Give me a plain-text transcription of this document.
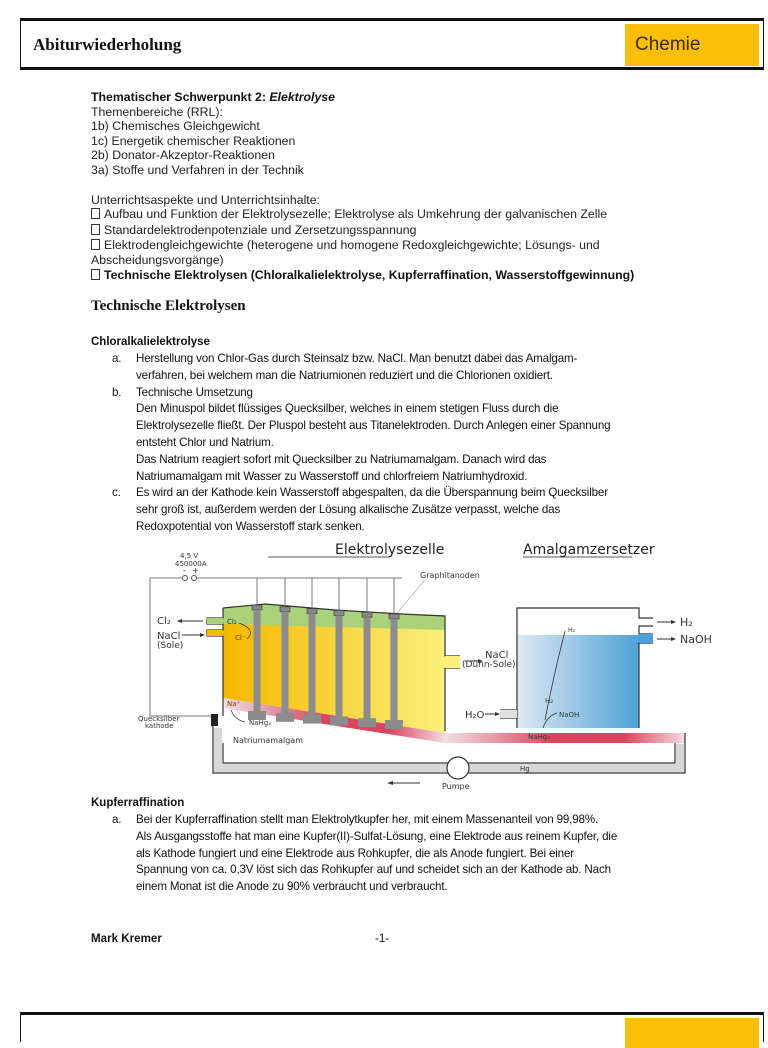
Abiturwiederholung	Chemie
Thematischer Schwerpunkt 2: Elektrolyse
Themenbereiche (RRL):
1b) Chemisches Gleichgewicht
1c) Energetik chemischer Reaktionen
2b) Donator-Akzeptor-Reaktionen
3a) Stoffe und Verfahren in der Technik
Unterrichtsaspekte und Unterrichtsinhalte:
Aufbau und Funktion der Elektrolysezelle; Elektrolyse als Umkehrung der galvanischen Zelle
Standardelektrodenpotenziale und Zersetzungsspannung
Elektrodengleichgewichte (heterogene und homogene Redoxgleichgewichte; Lösungs- und
Abscheidungsvorgänge)
Technische Elektrolysen (Chloralkalielektrolyse, Kupferraffination, Wasserstoffgewinnung)
Technische Elektrolysen
Chloralkalielektrolyse
a. Herstellung von Chlor-Gas durch Steinsalz bzw. NaCl. Man benutzt dabei das Amalgam-
verfahren, bei welchem man die Natriumionen reduziert und die Chlorionen oxidiert.
b. Technische Umsetzung
Den Minuspol bildet flüssiges Quecksilber, welches in einem stetigen Fluss durch die
Elektrolysezelle fließt. Der Pluspol besteht aus Titanelektroden. Durch Anlegen einer Spannung
entsteht Chlor und Natrium.
Das Natrium reagiert sofort mit Quecksilber zu Natriumamalgam. Danach wird das
Natriumamalgam mit Wasser zu Wasserstoff und chlorfreiem Natriumhydroxid.
c. Es wird an der Kathode kein Wasserstoff abgespalten, da die Überspannung beim Quecksilber
sehr groß ist, außerdem werden der Lösung alkalische Zusätze verpasst, welche das
Redoxpotential von Wasserstoff stark senken.
Elektrolysezelle	Amalgamzersetzer
4,5 V
450000A
- +
Graphitanoden
Cl₂
NaCl
(Sole)
Cl₂
Cl⁻
Na⁺
NaHgₓ
Quecksilber
kathode
Natriumamalgam
NaCl
(Dünn-Sole)
H₂
NaOH
H₂
H₂
NaOH
H₂O
NaHgₓ
Pumpe
Hg
Kupferraffination
a. Bei der Kupferraffination stellt man Elektrolytkupfer her, mit einem Massenanteil von 99,98%.
Als Ausgangsstoffe hat man eine Kupfer(II)-Sulfat-Lösung, eine Elektrode aus reinem Kupfer, die
als Kathode fungiert und eine Elektrode aus Rohkupfer, die als Anode fungiert. Bei einer
Spannung von ca. 0,3V löst sich das Rohkupfer auf und scheidet sich an der Kathode ab. Nach
einem Monat ist die Anode zu 90% verbraucht und verbraucht.
Mark Kremer	-1-
